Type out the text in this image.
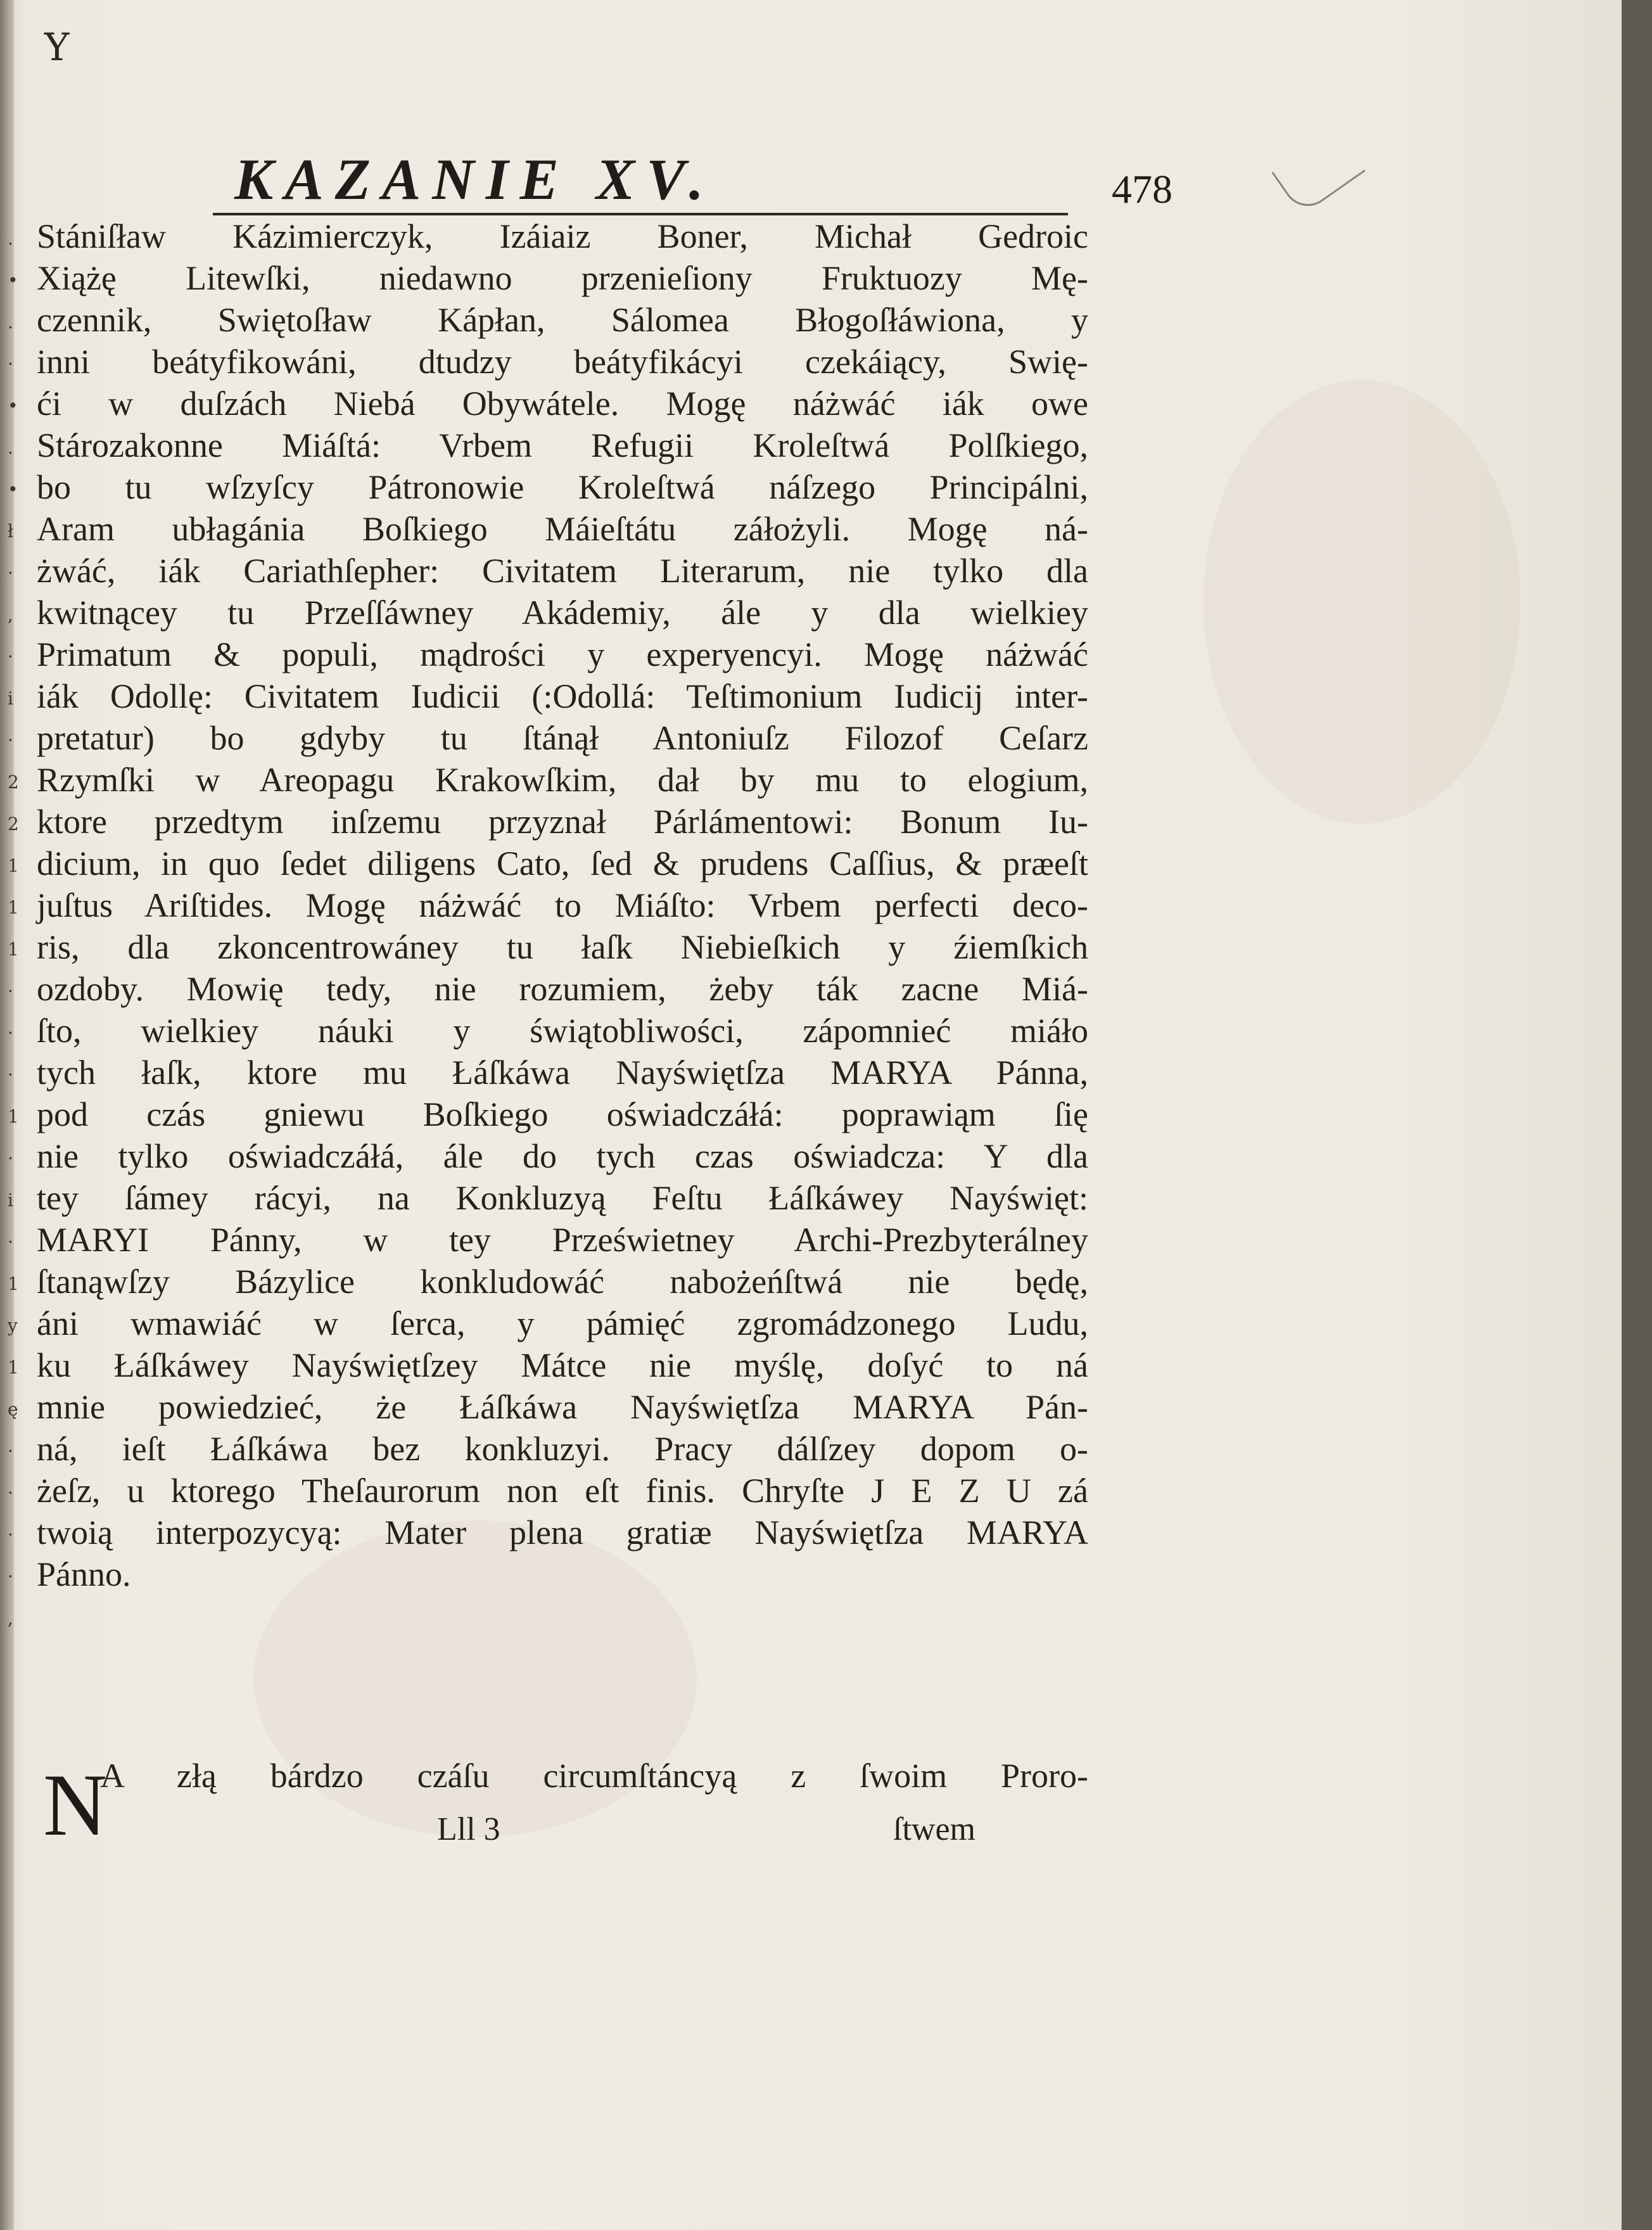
Y
KAZANIE XV.	478
.
•
.
·
•
.
•
ł
·
,
·
i
·
2
2
1
1
1
·
·
·
1
·
i
·
1
y
1
ę
·
·
·
·
,
Stániſław Kázimierczyk, Izáiaiz Boner, Michał Gedroic
Xiążę Litewſki, niedawno przenieſiony Fruktuozy Mę-
czennik, Swiętoſław Kápłan, Sálomea Błogoſłáwiona, y
inni beátyfikowáni, dtudzy beátyfikácyi czekáiący, Swię-
ći w duſzách Niebá Obywátele. Mogę náżwáć iák owe
Stározakonne Miáſtá: Vrbem Refugii Kroleſtwá Polſkiego,
bo tu wſzyſcy Pátronowie Kroleſtwá náſzego Principálni,
Aram ubłagánia Boſkiego Máieſtátu záłożyli. Mogę ná-
żwáć, iák Cariathſepher: Civitatem Literarum, nie tylko dla
kwitnącey tu Przeſſáwney Akádemiy, ále y dla wielkiey
Primatum & populi, mądrości y experyencyi. Mogę náżwáć
iák Odollę: Civitatem Iudicii (:Odollá: Teſtimonium Iudicij inter-
pretatur) bo gdyby tu ſtánął Antoniuſz Filozof Ceſarz
Rzymſki w Areopagu Krakowſkim, dał by mu to elogium,
ktore przedtym inſzemu przyznał Párlámentowi: Bonum Iu-
dicium, in quo ſedet diligens Cato, ſed & prudens Caſſius, & præeſt
juſtus Ariſtides. Mogę náżwáć to Miáſto: Vrbem perfecti deco-
ris, dla zkoncentrowáney tu łaſk Niebieſkich y źiemſkich
ozdoby. Mowię tedy, nie rozumiem, żeby ták zacne Miá-
ſto, wielkiey náuki y świątobliwości, zápomnieć miáło
tych łaſk, ktore mu Łáſkáwa Nayświętſza MARYA Pánna,
pod czás gniewu Boſkiego oświadczáłá: poprawiąm ſię
nie tylko oświadczáłá, ále do tych czas oświadcza: Y dla
tey ſámey rácyi, na Konkluzyą Feſtu Łáſkáwey Nayświęt:
MARYI Pánny, w tey Prześwietney Archi-Prezbyterálney
ſtanąwſzy Bázylice konkludowáć nabożeńſtwá nie będę,
áni wmawiáć w ſerca, y pámięć zgromádzonego Ludu,
ku Łáſkáwey Nayświętſzey Mátce nie myślę, doſyć to ná
mnie powiedzieć, że Łáſkáwa Nayświętſza MARYA Pán-
ná, ieſt Łáſkáwa bez konkluzyi. Pracy dálſzey dopom o-
żeſz, u ktorego Theſaurorum non eſt finis. Chryſte J E Z U zá
twoią interpozycyą: Mater plena gratiæ Nayświętſza MARYA
Pánno.
N
A złą bárdzo czáſu circumſtáncyą z ſwoim Proro-
Lll 3	ſtwem
